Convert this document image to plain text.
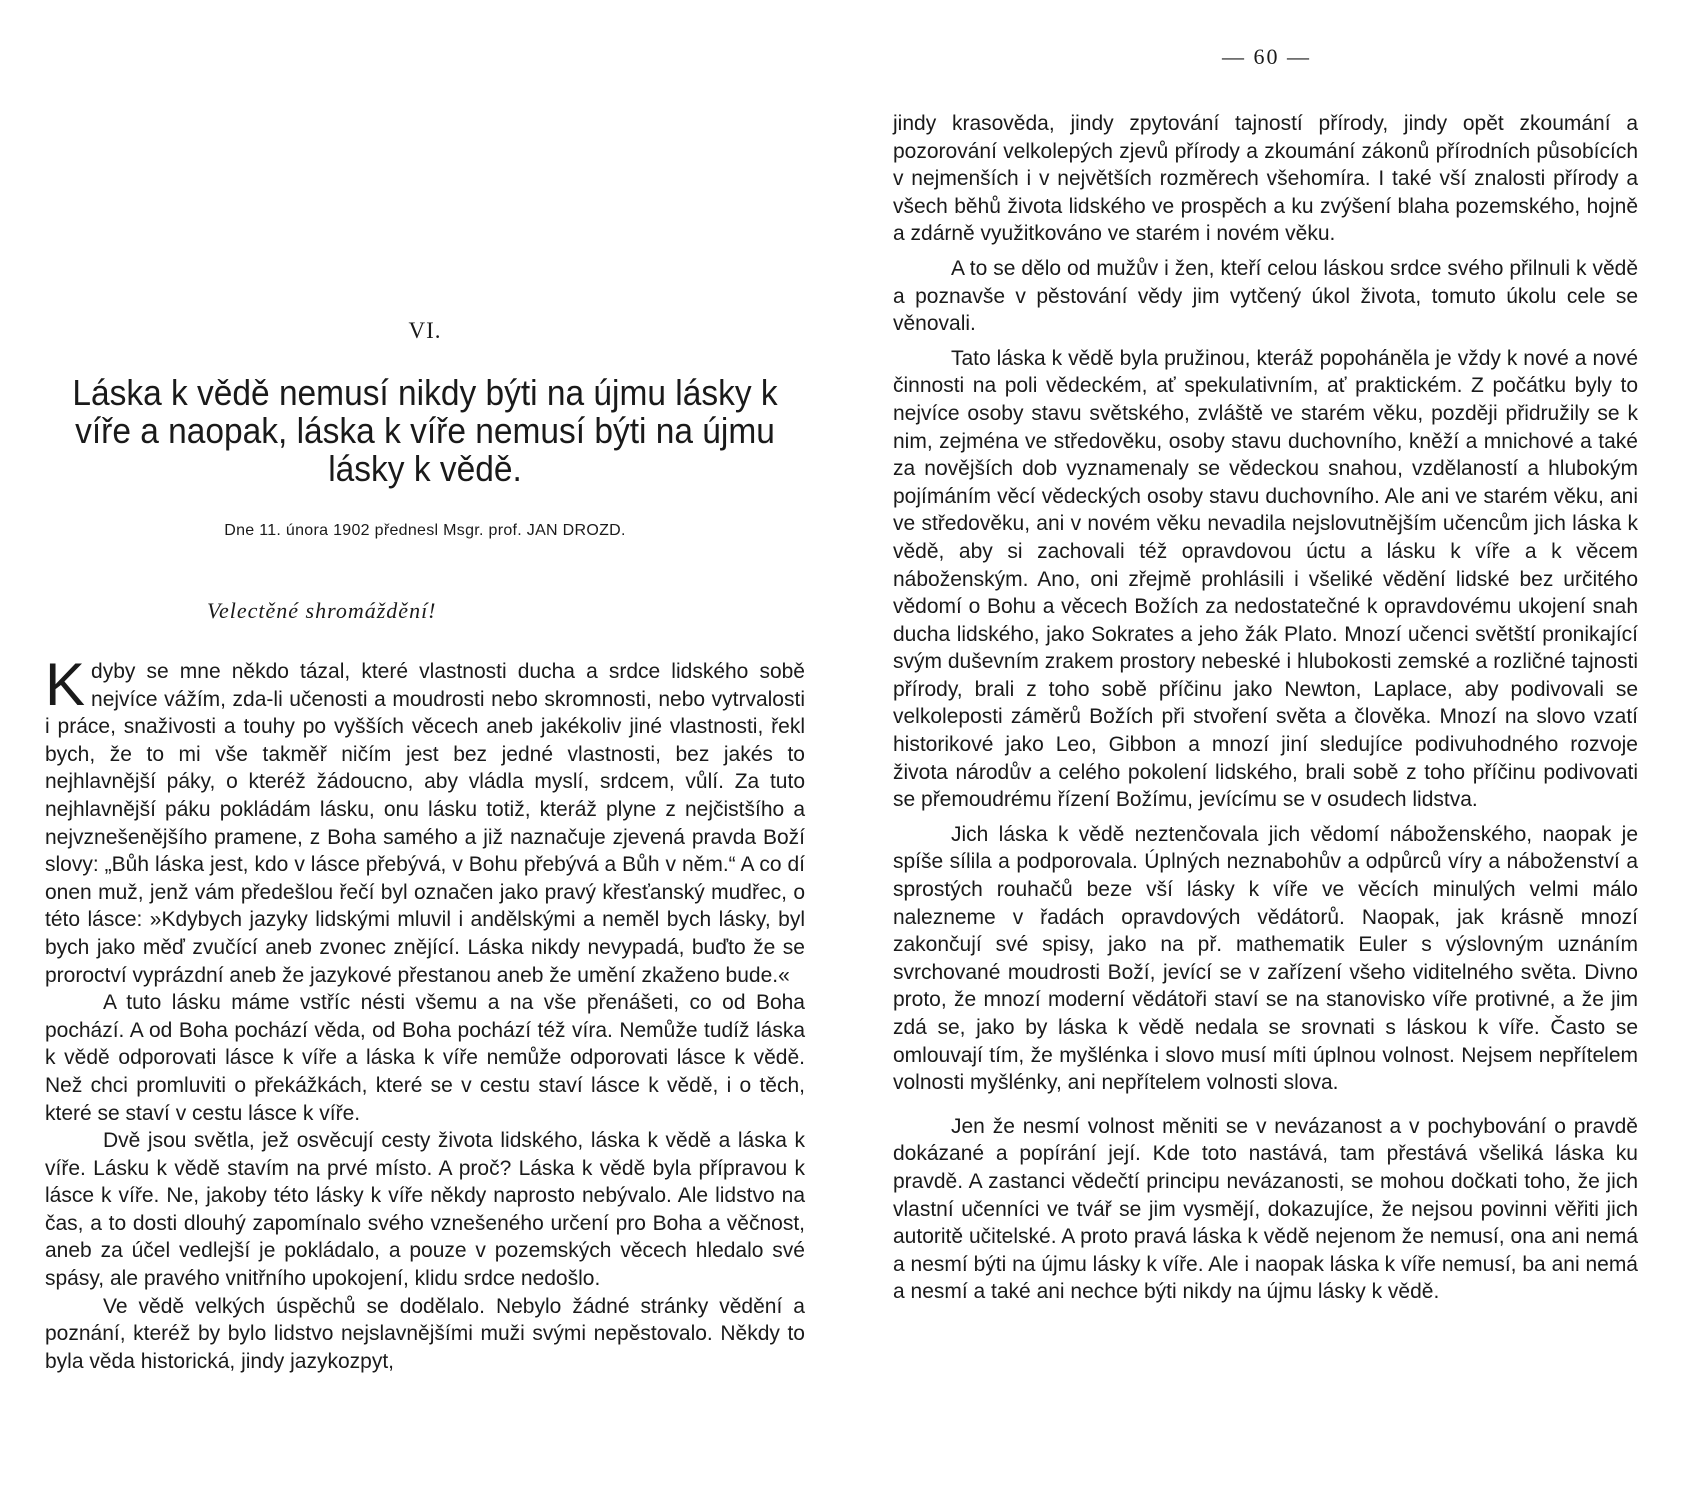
— 60 —
VI.
Láska k vědě nemusí nikdy býti na újmu lásky k víře a naopak, láska k víře nemusí býti na újmu lásky k vědě.
Dne 11. února 1902 přednesl Msgr. prof. JAN DROZD.
Velectěné shromáždění!

Kdyby se mne někdo tázal, které vlastnosti ducha a srdce lidského sobě nejvíce vážím, zda-li učenosti a moudrosti nebo skromnosti, nebo vytrvalosti i práce, snaživosti a touhy po vyšších věcech aneb jakékoliv jiné vlastnosti, řekl bych, že to mi vše takměř ničím jest bez jedné vlastnosti, bez jakés to nejhlavnější páky, o kteréž žádoucno, aby vládla myslí, srdcem, vůlí. Za tuto nejhlavnější páku pokládám lásku, onu lásku totiž, kteráž plyne z nejčistšího a nejvznešenějšího pramene, z Boha samého a již naznačuje zjevená pravda Boží slovy: „Bůh láska jest, kdo v lásce přebývá, v Bohu přebývá a Bůh v něm.“ A co dí onen muž, jenž vám předešlou řečí byl označen jako pravý křesťanský mudřec, o této lásce: »Kdybych jazyky lidskými mluvil i andělskými a neměl bych lásky, byl bych jako měď zvučící aneb zvonec znějící. Láska nikdy nevypadá, buďto že se proroctví vyprázdní aneb že jazykové přestanou aneb že umění zkaženo bude.«

A tuto lásku máme vstříc nésti všemu a na vše přenášeti, co od Boha pochází. A od Boha pochází věda, od Boha pochází též víra. Nemůže tudíž láska k vědě odporovati lásce k víře a láska k víře nemůže odporovati lásce k vědě. Než chci promluviti o překážkách, které se v cestu staví lásce k vědě, i o těch, které se staví v cestu lásce k víře.

Dvě jsou světla, jež osvěcují cesty života lidského, láska k vědě a láska k víře. Lásku k vědě stavím na prvé místo. A proč? Láska k vědě byla přípravou k lásce k víře. Ne, jakoby této lásky k víře někdy naprosto nebývalo. Ale lidstvo na čas, a to dosti dlouhý zapomínalo svého vznešeného určení pro Boha a věčnost, aneb za účel vedlejší je pokládalo, a pouze v pozemských věcech hledalo své spásy, ale pravého vnitřního upokojení, klidu srdce nedošlo.

Ve vědě velkých úspěchů se dodělalo. Nebylo žádné stránky vědění a poznání, kteréž by bylo lidstvo nejslavnějšími muži svými nepěstovalo. Někdy to byla věda historická, jindy jazykozpyt,

jindy krasověda, jindy zpytování tajností přírody, jindy opět zkoumání a pozorování velkolepých zjevů přírody a zkoumání zákonů přírodních působících v nejmenších i v největších rozměrech všehomíra. I také vší znalosti přírody a všech běhů života lidského ve prospěch a ku zvýšení blaha pozemského, hojně a zdárně využitkováno ve starém i novém věku.

A to se dělo od mužův i žen, kteří celou láskou srdce svého přilnuli k vědě a poznavše v pěstování vědy jim vytčený úkol života, tomuto úkolu cele se věnovali.

Tato láska k vědě byla pružinou, kteráž popoháněla je vždy k nové a nové činnosti na poli vědeckém, ať spekulativním, ať praktickém. Z počátku byly to nejvíce osoby stavu světského, zvláště ve starém věku, později přidružily se k nim, zejména ve středověku, osoby stavu duchovního, kněží a mnichové a také za novějších dob vyznamenaly se vědeckou snahou, vzdělaností a hlubokým pojímáním věcí vědeckých osoby stavu duchovního. Ale ani ve starém věku, ani ve středověku, ani v novém věku nevadila nejslovutnějším učencům jich láska k vědě, aby si zachovali též opravdovou úctu a lásku k víře a k věcem náboženským. Ano, oni zřejmě prohlásili i všeliké vědění lidské bez určitého vědomí o Bohu a věcech Božích za nedostatečné k opravdovému ukojení snah ducha lidského, jako Sokrates a jeho žák Plato. Mnozí učenci světští pronikající svým duševním zrakem prostory nebeské i hlubokosti zemské a rozličné tajnosti přírody, brali z toho sobě příčinu jako Newton, Laplace, aby podivovali se velkoleposti záměrů Božích při stvoření světa a člověka. Mnozí na slovo vzatí historikové jako Leo, Gibbon a mnozí jiní sledujíce podivuhodného rozvoje života národův a celého pokolení lidského, brali sobě z toho příčinu podivovati se přemoudrému řízení Božímu, jevícímu se v osudech lidstva.

Jich láska k vědě neztenčovala jich vědomí náboženského, naopak je spíše sílila a podporovala. Úplných neznabohův a odpůrců víry a náboženství a sprostých rouhačů beze vší lásky k víře ve věcích minulých velmi málo nalezneme v řadách opravdových vědátorů. Naopak, jak krásně mnozí zakončují své spisy, jako na př. mathematik Euler s výslovným uznáním svrchované moudrosti Boží, jevící se v zařízení všeho viditelného světa. Divno proto, že mnozí moderní vědátoři staví se na stanovisko víře protivné, a že jim zdá se, jako by láska k vědě nedala se srovnati s láskou k víře. Často se omlouvají tím, že myšlénka i slovo musí míti úplnou volnost. Nejsem nepřítelem volnosti myšlénky, ani nepřítelem volnosti slova.

Jen že nesmí volnost měniti se v nevázanost a v pochybování o pravdě dokázané a popírání její. Kde toto nastává, tam přestává všeliká láska ku pravdě. A zastanci vědečtí principu nevázanosti, se mohou dočkati toho, že jich vlastní učenníci ve tvář se jim vysmějí, dokazujíce, že nejsou povinni věřiti jich autoritě učitelské. A proto pravá láska k vědě nejenom že nemusí, ona ani nemá a nesmí býti na újmu lásky k víře. Ale i naopak láska k víře nemusí, ba ani nemá a nesmí a také ani nechce býti nikdy na újmu lásky k vědě.
